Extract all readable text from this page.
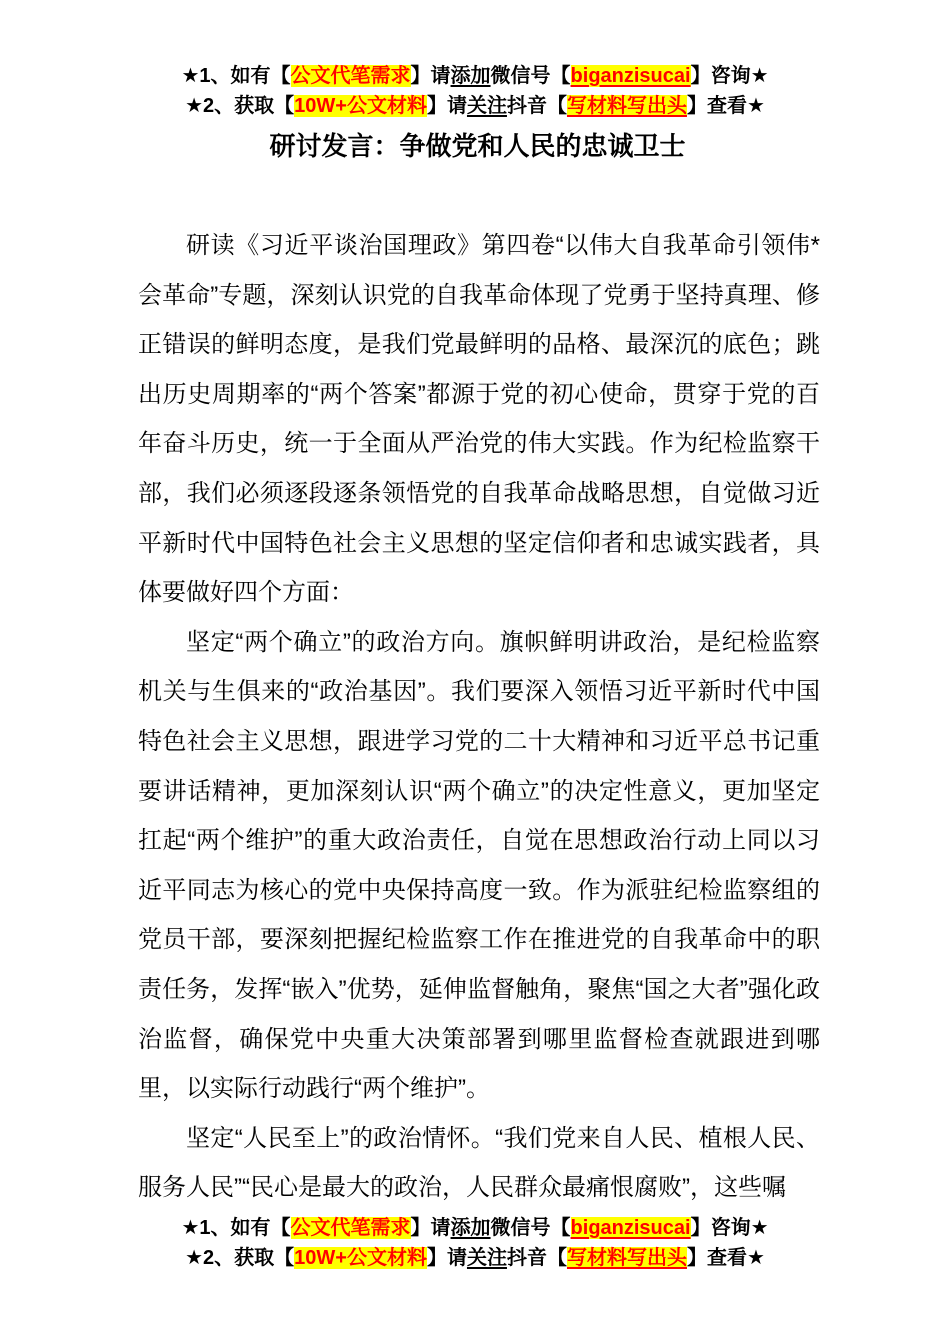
★1、如有【公文代笔需求】请添加微信号【biganzisucai】咨询★
★2、获取【10W+公文材料】请关注抖音【写材料写出头】查看★
研讨发言：争做党和人民的忠诚卫士

研读《习近平谈治国理政》第四卷“以伟大自我革命引领伟*会革命”专题，深刻认识党的自我革命体现了党勇于坚持真理、修正错误的鲜明态度，是我们党最鲜明的品格、最深沉的底色；跳出历史周期率的“两个答案”都源于党的初心使命，贯穿于党的百年奋斗历史，统一于全面从严治党的伟大实践。作为纪检监察干部，我们必须逐段逐条领悟党的自我革命战略思想，自觉做习近平新时代中国特色社会主义思想的坚定信仰者和忠诚实践者，具体要做好四个方面：

坚定“两个确立”的政治方向。旗帜鲜明讲政治，是纪检监察机关与生俱来的“政治基因”。我们要深入领悟习近平新时代中国特色社会主义思想，跟进学习党的二十大精神和习近平总书记重要讲话精神，更加深刻认识“两个确立”的决定性意义，更加坚定扛起“两个维护”的重大政治责任，自觉在思想政治行动上同以习近平同志为核心的党中央保持高度一致。作为派驻纪检监察组的党员干部，要深刻把握纪检监察工作在推进党的自我革命中的职责任务，发挥“嵌入”优势，延伸监督触角，聚焦“国之大者”强化政治监督，确保党中央重大决策部署到哪里监督检查就跟进到哪里，以实际行动践行“两个维护”。

坚定“人民至上”的政治情怀。“我们党来自人民、植根人民、服务人民”“民心是最大的政治，人民群众最痛恨腐败”，这些嘱

★1、如有【公文代笔需求】请添加微信号【biganzisucai】咨询★
★2、获取【10W+公文材料】请关注抖音【写材料写出头】查看★
